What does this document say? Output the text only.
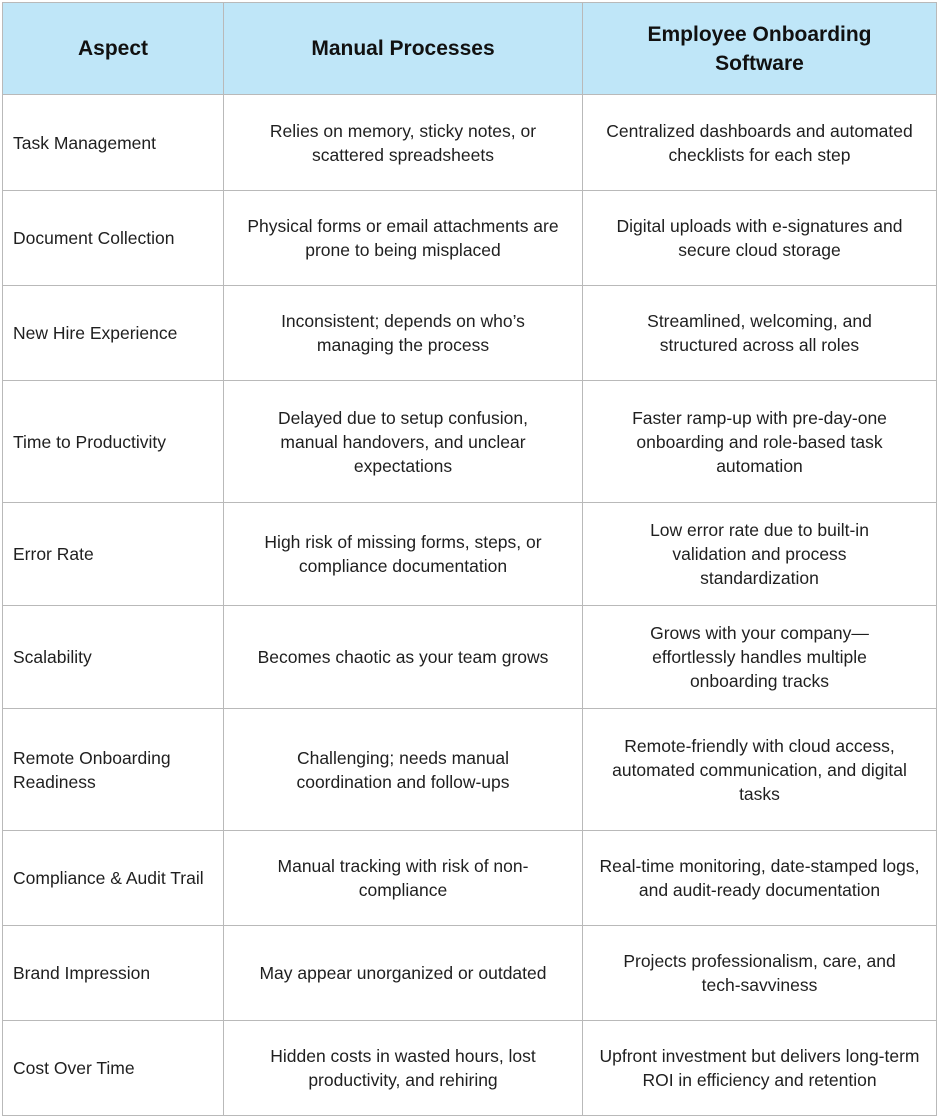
Aspect	Manual Processes	Employee Onboarding Software
Task Management	Relies on memory, sticky notes, or scattered spreadsheets	Centralized dashboards and automated checklists for each step
Document Collection	Physical forms or email attachments are prone to being misplaced	Digital uploads with e-signatures and secure cloud storage
New Hire Experience	Inconsistent; depends on who’s managing the process	Streamlined, welcoming, and structured across all roles
Time to Productivity	Delayed due to setup confusion, manual handovers, and unclear expectations	Faster ramp-up with pre-day-one onboarding and role-based task automation
Error Rate	High risk of missing forms, steps, or compliance documentation	Low error rate due to built-in validation and process standardization
Scalability	Becomes chaotic as your team grows	Grows with your company—effortlessly handles multiple onboarding tracks
Remote Onboarding Readiness	Challenging; needs manual coordination and follow-ups	Remote-friendly with cloud access, automated communication, and digital tasks
Compliance & Audit Trail	Manual tracking with risk of non-compliance	Real-time monitoring, date-stamped logs, and audit-ready documentation
Brand Impression	May appear unorganized or outdated	Projects professionalism, care, and tech-savviness
Cost Over Time	Hidden costs in wasted hours, lost productivity, and rehiring	Upfront investment but delivers long-term ROI in efficiency and retention
